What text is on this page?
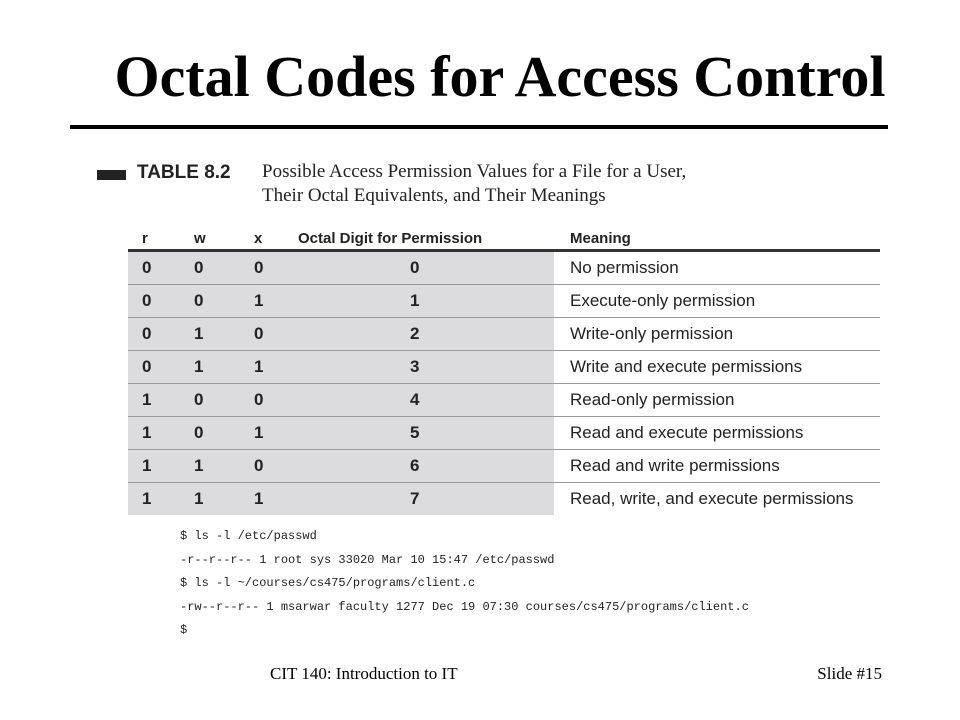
Octal Codes for Access Control
TABLE 8.2 Possible Access Permission Values for a File for a User,
Their Octal Equivalents, and Their Meanings
r	w	x	Octal Digit for Permission	Meaning
0	0	0	0	No permission
0	0	1	1	Execute-only permission
0	1	0	2	Write-only permission
0	1	1	3	Write and execute permissions
1	0	0	4	Read-only permission
1	0	1	5	Read and execute permissions
1	1	0	6	Read and write permissions
1	1	1	7	Read, write, and execute permissions
$ ls -l /etc/passwd
-r--r--r-- 1 root sys 33020 Mar 10 15:47 /etc/passwd
$ ls -l ~/courses/cs475/programs/client.c
-rw--r--r-- 1 msarwar faculty 1277 Dec 19 07:30 courses/cs475/programs/client.c
$
CIT 140: Introduction to IT	Slide #15
